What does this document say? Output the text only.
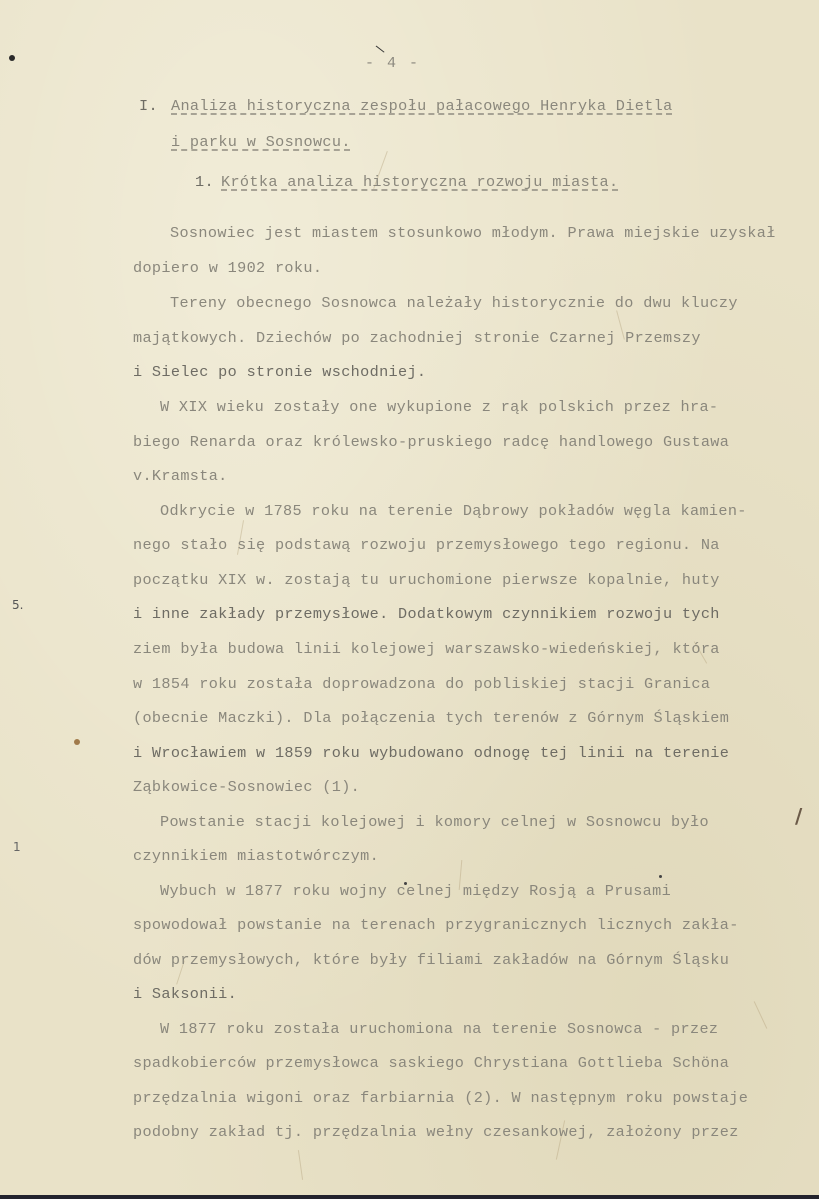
5.
1
/
\
- 4 -
I. Analiza historyczna zespołu pałacowego Henryka Dietla
i parku w Sosnowcu.
1. Krótka analiza historyczna rozwoju miasta.
Sosnowiec jest miastem stosunkowo młodym. Prawa miejskie uzyskał
dopiero w 1902 roku.
Tereny obecnego Sosnowca należały historycznie do dwu kluczy
majątkowych. Dziechów po zachodniej stronie Czarnej Przemszy
i Sielec po stronie wschodniej.
W XIX wieku zostały one wykupione z rąk polskich przez hra-
biego Renarda oraz królewsko-pruskiego radcę handlowego Gustawa
v.Kramsta.
Odkrycie w 1785 roku na terenie Dąbrowy pokładów węgla kamien-
nego stało się podstawą rozwoju przemysłowego tego regionu. Na
początku XIX w. zostają tu uruchomione pierwsze kopalnie, huty
i inne zakłady przemysłowe. Dodatkowym czynnikiem rozwoju tych
ziem była budowa linii kolejowej warszawsko-wiedeńskiej, która
w 1854 roku została doprowadzona do pobliskiej stacji Granica
(obecnie Maczki). Dla połączenia tych terenów z Górnym Śląskiem
i Wrocławiem w 1859 roku wybudowano odnogę tej linii na terenie
Ząbkowice-Sosnowiec (1).
Powstanie stacji kolejowej i komory celnej w Sosnowcu było
czynnikiem miastotwórczym.
Wybuch w 1877 roku wojny celnej między Rosją a Prusami
spowodował powstanie na terenach przygranicznych licznych zakła-
dów przemysłowych, które były filiami zakładów na Górnym Śląsku
i Saksonii.
W 1877 roku została uruchomiona na terenie Sosnowca - przez
spadkobierców przemysłowca saskiego Chrystiana Gottlieba Schöna
przędzalnia wigoni oraz farbiarnia (2). W następnym roku powstaje
podobny zakład tj. przędzalnia wełny czesankowej, założony przez
